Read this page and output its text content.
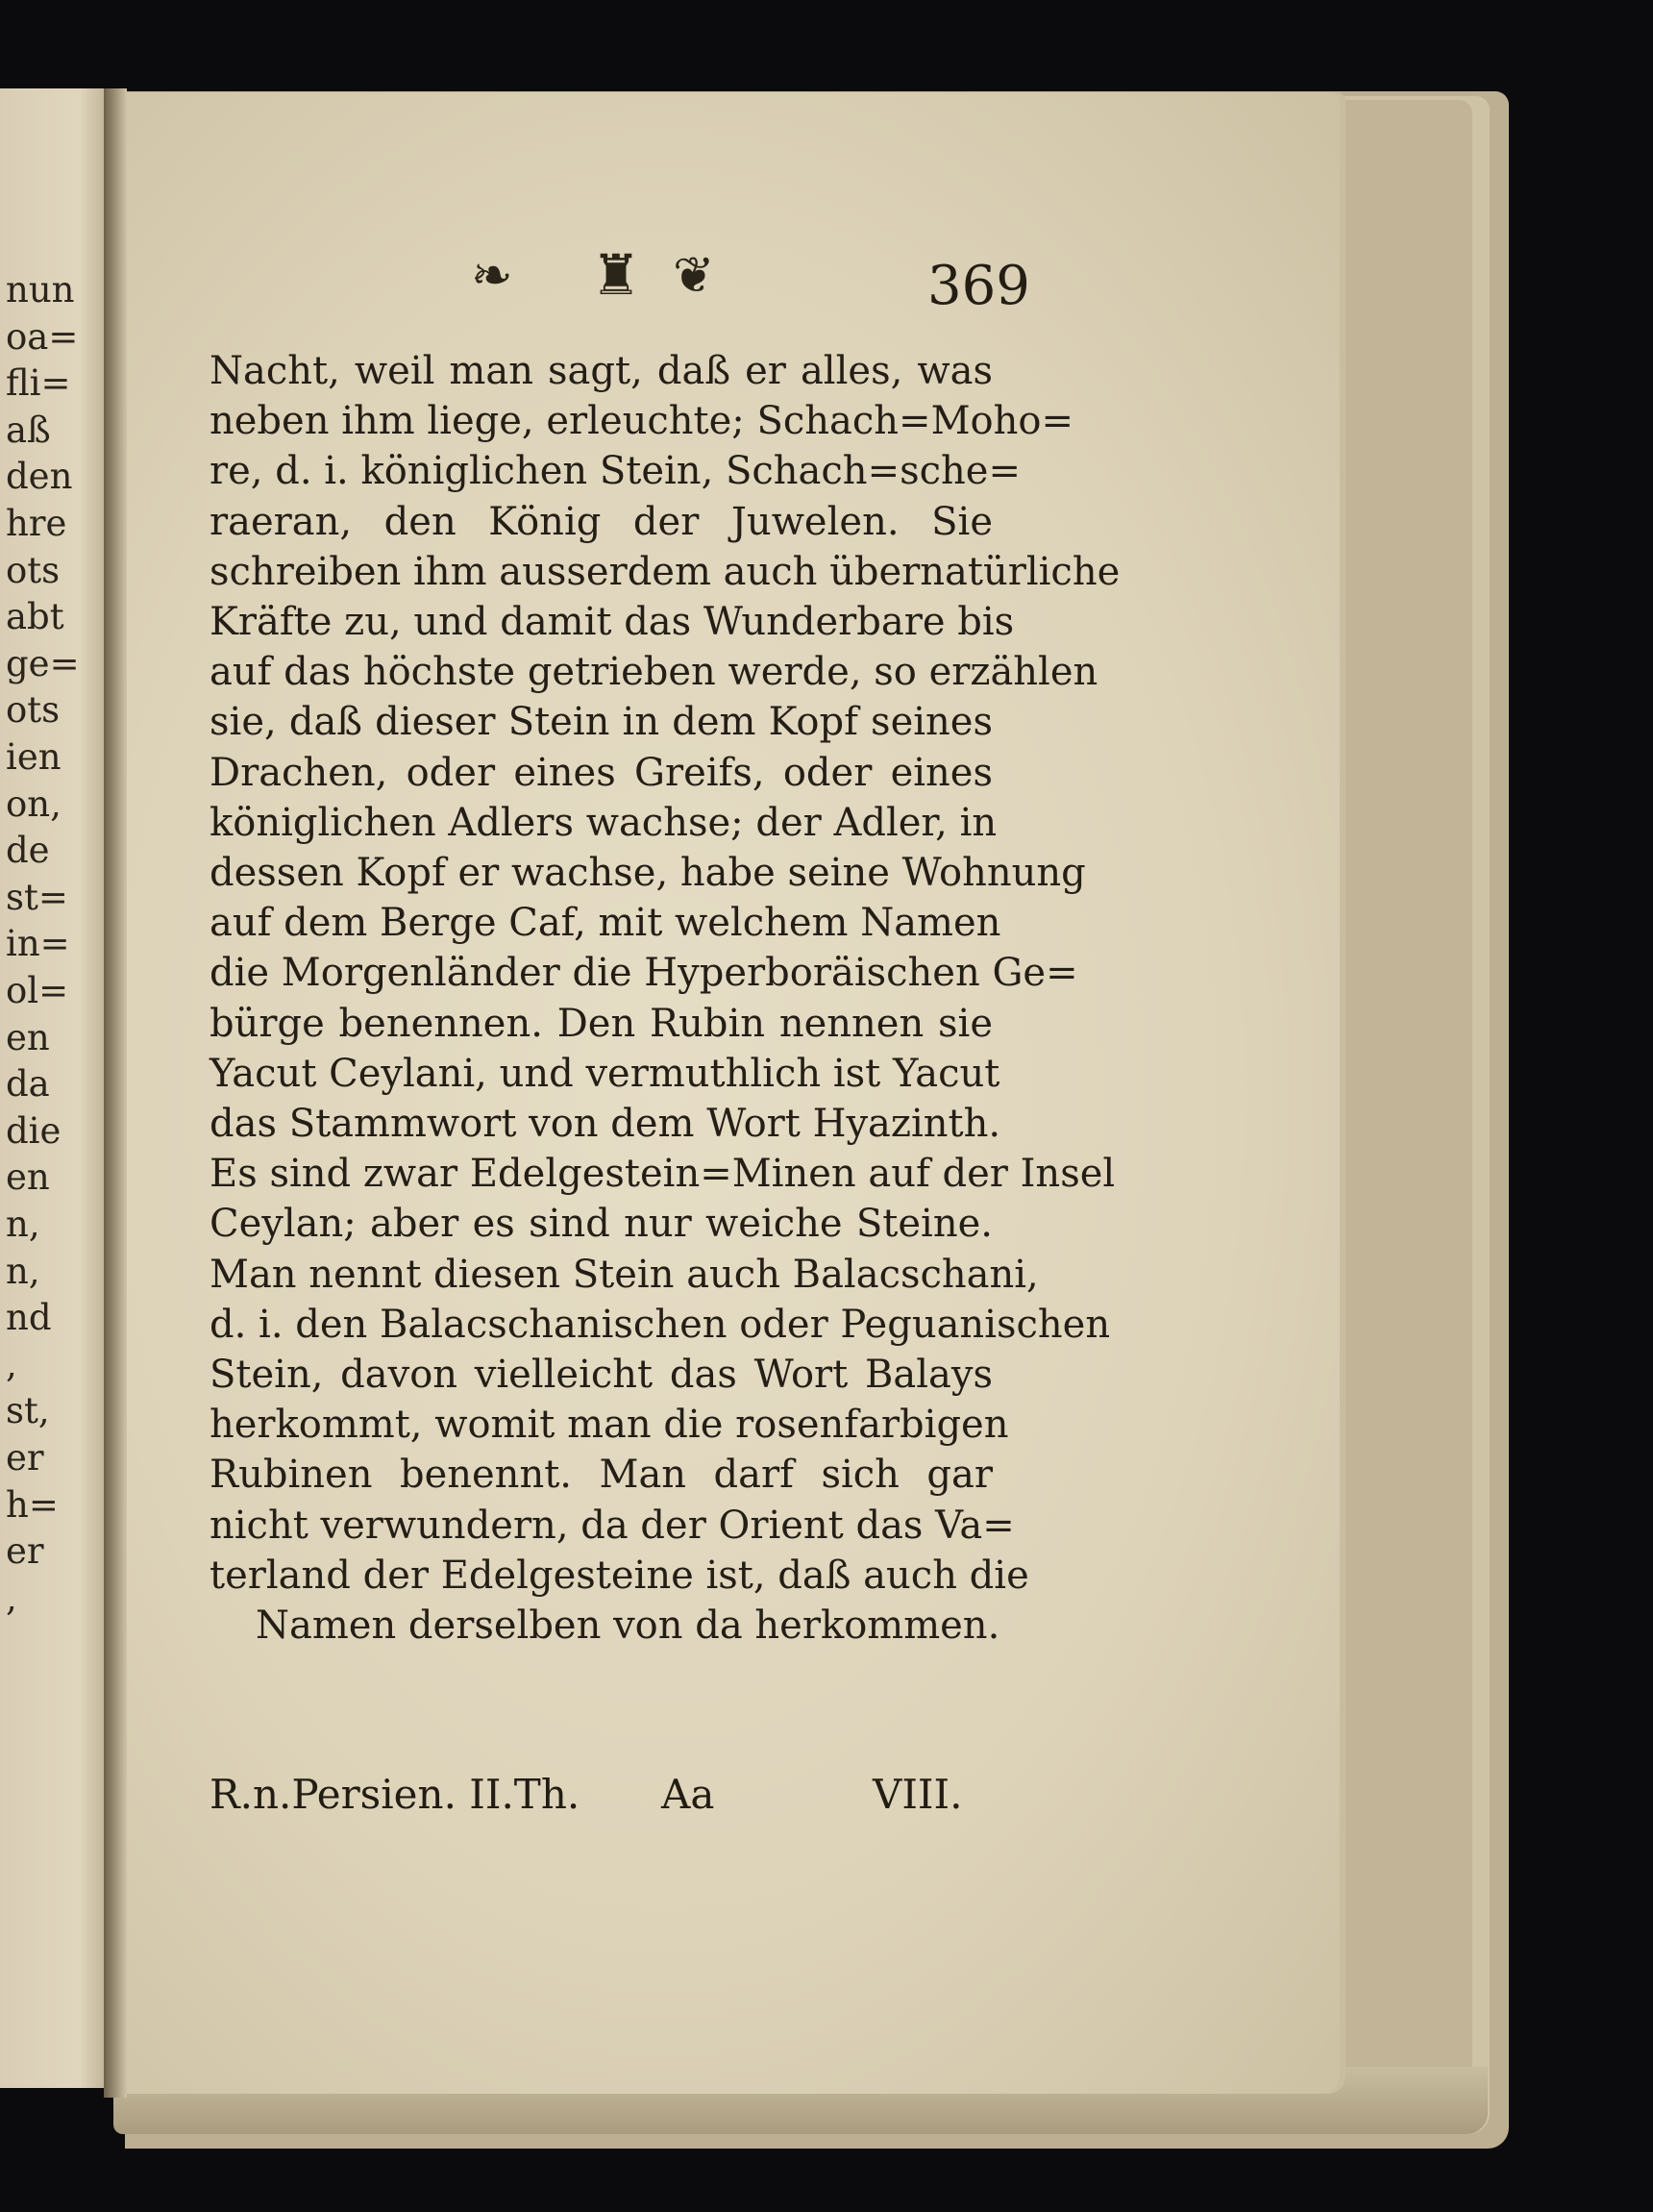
nun
oa=
fli=
aß
den
hre
ots
abt
ge=
ots
ien
on,
de
st=
in=
ol=
en
da
die
en
n,
n,
nd
,
st,
er
h=
er
,
❧ ♜ ❦	369
Nacht, weil man sagt, daß er alles, was
neben ihm liege, erleuchte; Schach=Moho=
re, d. i. königlichen Stein, Schach=sche=
raeran, den König der Juwelen. Sie
schreiben ihm ausserdem auch übernatürliche
Kräfte zu, und damit das Wunderbare bis
auf das höchste getrieben werde, so erzählen
sie, daß dieser Stein in dem Kopf seines
Drachen, oder eines Greifs, oder eines
königlichen Adlers wachse; der Adler, in
dessen Kopf er wachse, habe seine Wohnung
auf dem Berge Caf, mit welchem Namen
die Morgenländer die Hyperboräischen Ge=
bürge benennen. Den Rubin nennen sie
Yacut Ceylani, und vermuthlich ist Yacut
das Stammwort von dem Wort Hyazinth.
Es sind zwar Edelgestein=Minen auf der Insel
Ceylan; aber es sind nur weiche Steine.
Man nennt diesen Stein auch Balacschani,
d. i. den Balacschanischen oder Peguanischen
Stein, davon vielleicht das Wort Balays
herkommt, womit man die rosenfarbigen
Rubinen benennt. Man darf sich gar
nicht verwundern, da der Orient das Va=
terland der Edelgesteine ist, daß auch die
Namen derselben von da herkommen.
R.n.Persien. II.Th. Aa	VIII.
